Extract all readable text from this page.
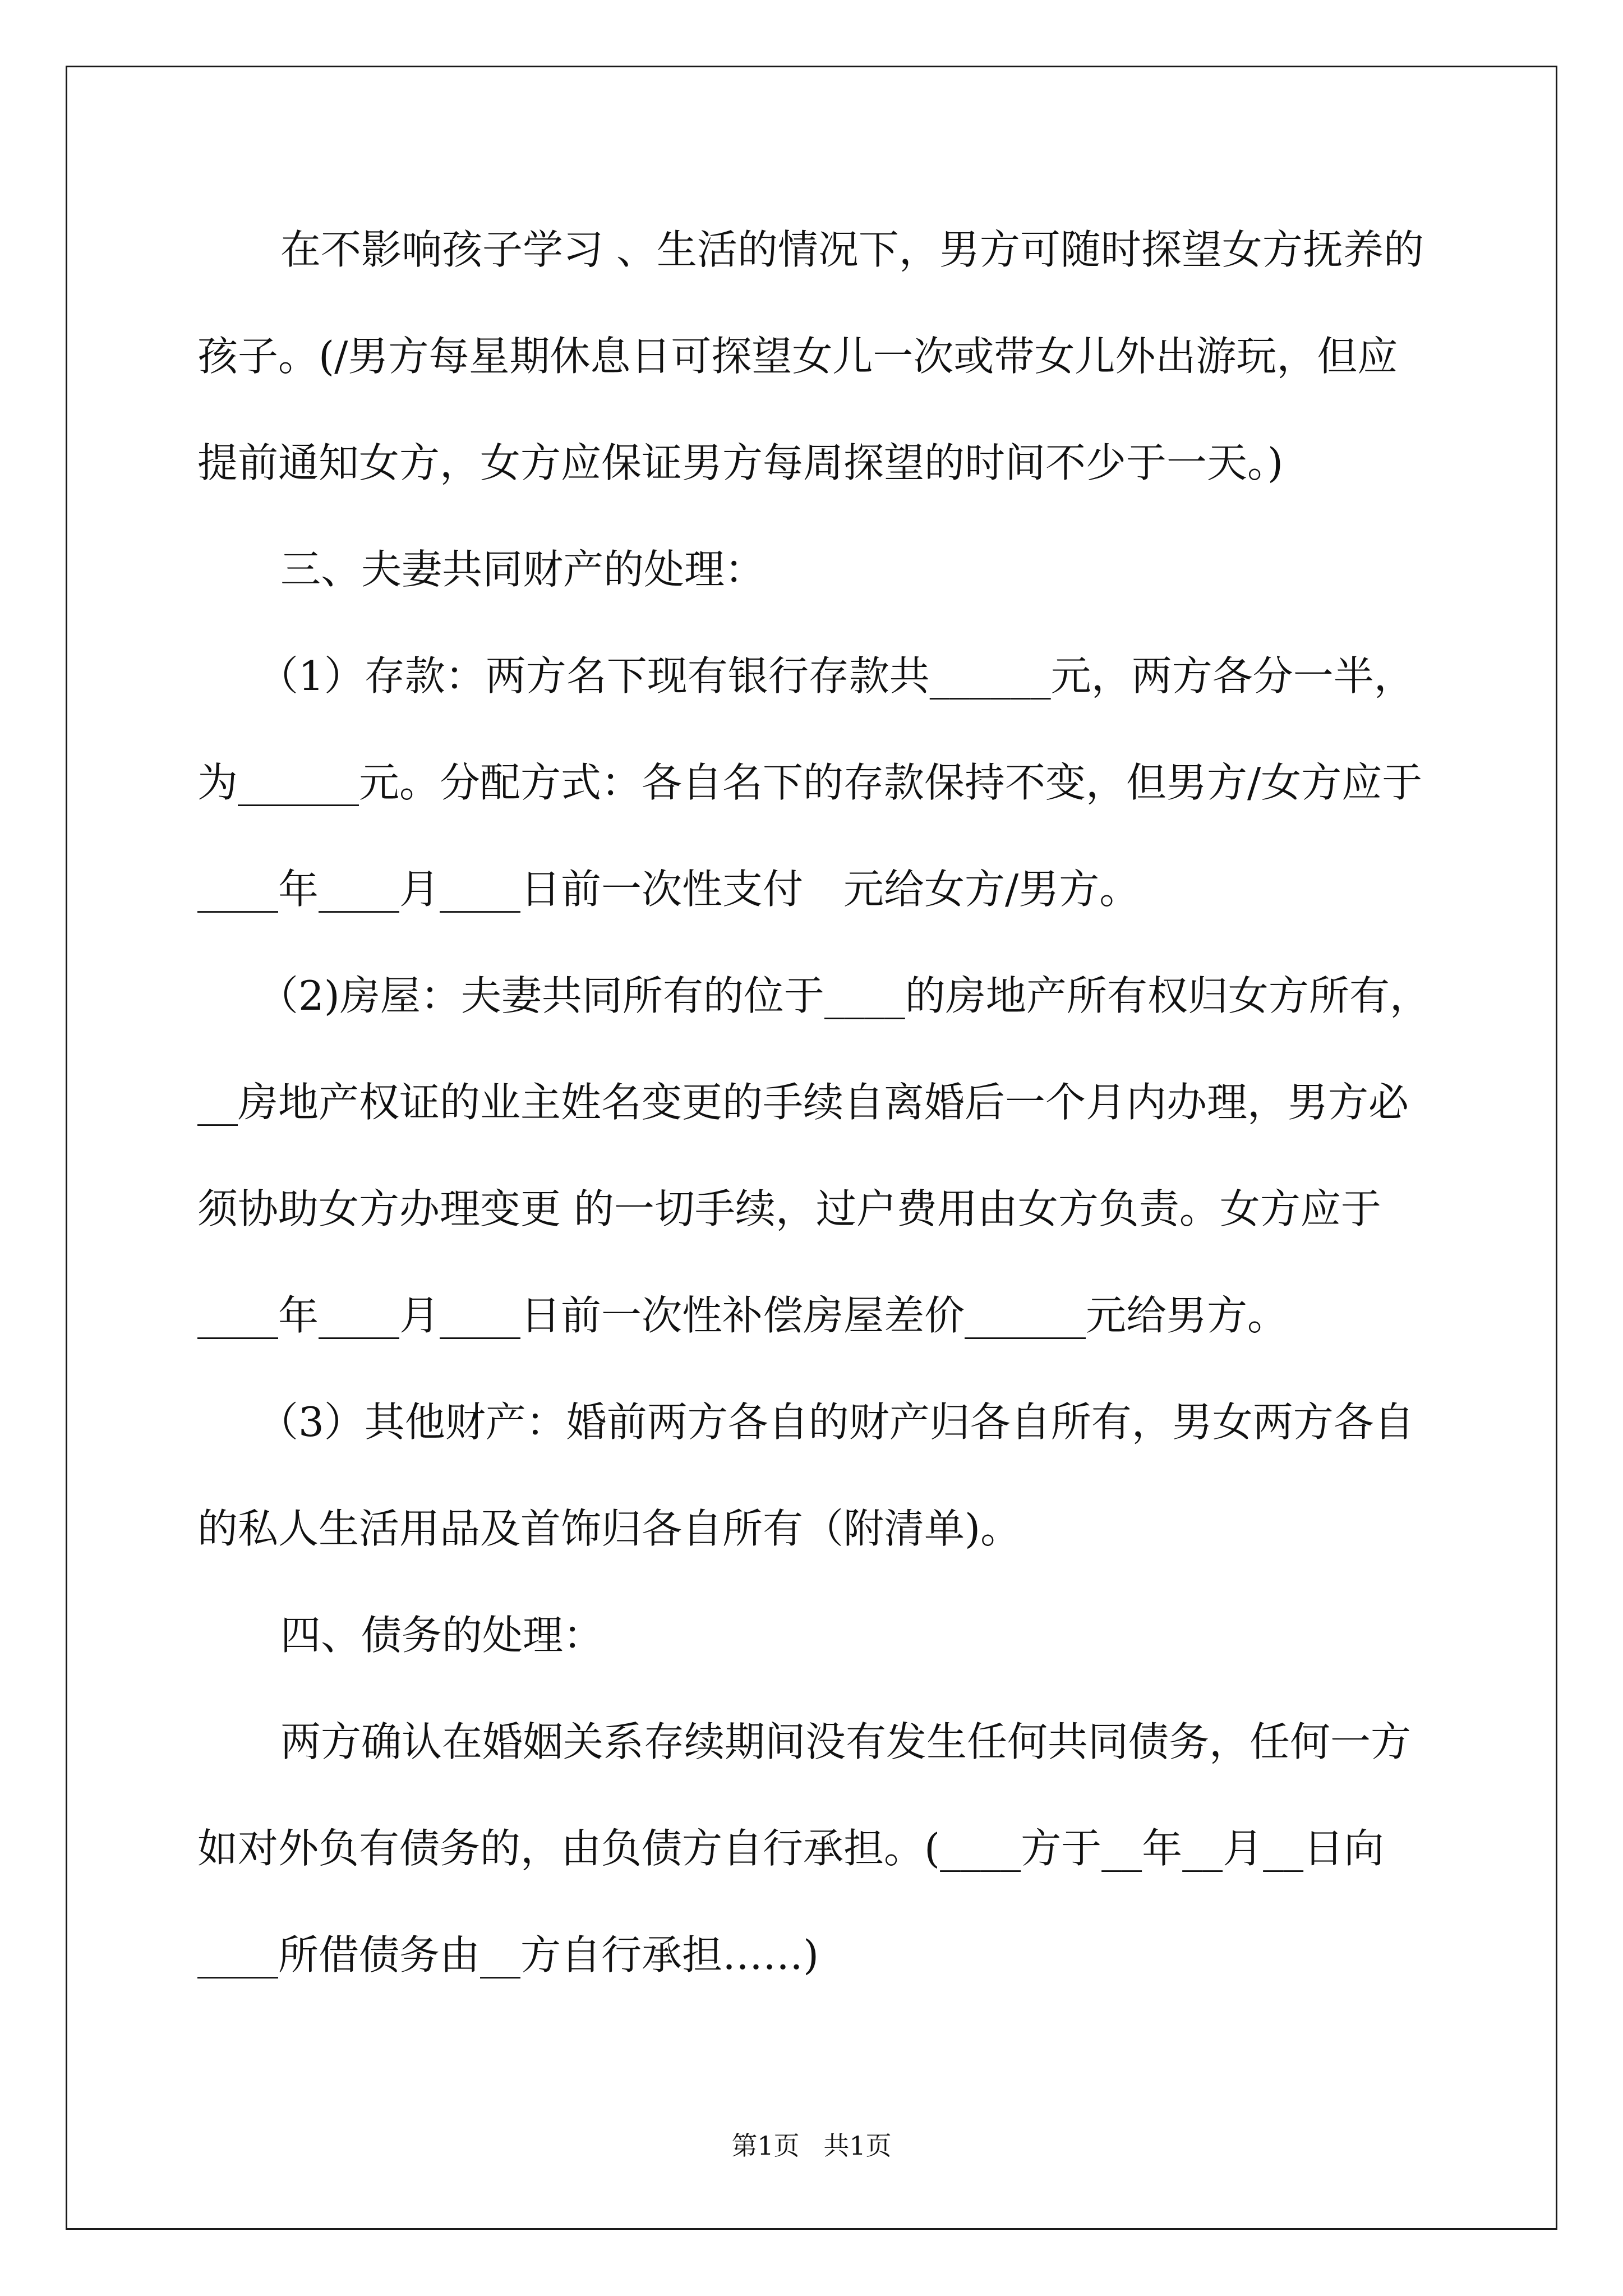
在不影响孩子学习 、生活的情况下，男方可随时探望女方抚养的
孩子。(/男方每星期休息日可探望女儿一次或带女儿外出游玩，但应
提前通知女方，女方应保证男方每周探望的时间不少于一天。)
三、夫妻共同财产的处理：
（1）存款：两方名下现有银行存款共______元，两方各分一半，
为______元。分配方式：各自名下的存款保持不变，但男方/女方应于
____年____月____日前一次性支付　元给女方/男方。
（2)房屋：夫妻共同所有的位于____的房地产所有权归女方所有，
__房地产权证的业主姓名变更的手续自离婚后一个月内办理，男方必
须协助女方办理变更 的一切手续，过户费用由女方负责。女方应于
____年____月____日前一次性补偿房屋差价______元给男方。
（3）其他财产：婚前两方各自的财产归各自所有，男女两方各自
的私人生活用品及首饰归各自所有（附清单)。
四、债务的处理：
两方确认在婚姻关系存续期间没有发生任何共同债务，任何一方
如对外负有债务的，由负债方自行承担。(____方于__年__月__日向
____所借债务由__方自行承担……)
第1页 共1页
